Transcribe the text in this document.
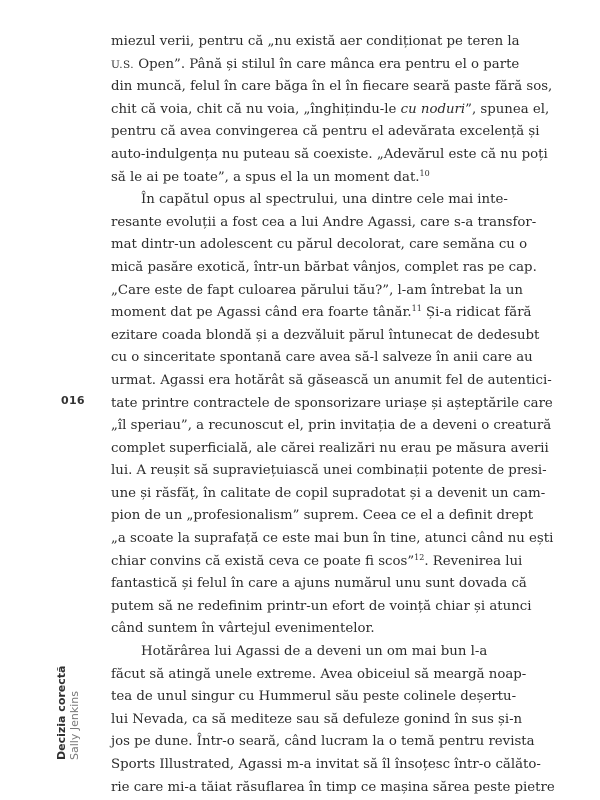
miezul verii, pentru că „nu există aer condiționat pe teren la
U.S. Open”. Până și stilul în care mânca era pentru el o parte
din muncă, felul în care băga în el în fiecare seară paste fără sos,
chit că voia, chit că nu voia, „înghițindu-le cu noduri”, spunea el,
pentru că avea convingerea că pentru el adevărata excelență și
auto-indulgența nu puteau să coexiste. „Adevărul este că nu poți
să le ai pe toate”, a spus el la un moment dat.$^{10}$
În capătul opus al spectrului, una dintre cele mai inte-
resante evoluții a fost cea a lui Andre Agassi, care s-a transfor-
mat dintr-un adolescent cu părul decolorat, care semăna cu o
mică pasăre exotică, într-un bărbat vânjos, complet ras pe cap.
„Care este de fapt culoarea părului tău?”, l-am întrebat la un
moment dat pe Agassi când era foarte tânăr.$^{11}$ Și-a ridicat fără
ezitare coada blondă și a dezvăluit părul întunecat de dedesubt
cu o sinceritate spontană care avea să-l salveze în anii care au
urmat. Agassi era hotărât să găsească un anumit fel de autentici-
tate printre contractele de sponsorizare uriașe și așteptările care
„îl speriau”, a recunoscut el, prin invitația de a deveni o creatură
complet superficială, ale cărei realizări nu erau pe măsura averii
lui. A reușit să supraviețuiască unei combinații potente de presi-
une și răsfăț, în calitate de copil supradotat și a devenit un cam-
pion de un „profesionalism” suprem. Ceea ce el a definit drept
„a scoate la suprafață ce este mai bun în tine, atunci când nu ești
chiar convins că există ceva ce poate fi scos”$^{12}$. Revenirea lui
fantastică și felul în care a ajuns numărul unu sunt dovada că
putem să ne redefinim printr-un efort de voință chiar și atunci
când suntem în vârtejul evenimentelor.
Hotărârea lui Agassi de a deveni un om mai bun l-a
făcut să atingă unele extreme. Avea obiceiul să meargă noap-
tea de unul singur cu Hummerul său peste colinele deșertu-
lui Nevada, ca să mediteze sau să defuleze gonind în sus și-n
jos pe dune. Într-o seară, când lucram la o temă pentru revista
Sports Illustrated, Agassi m-a invitat să îl însoțesc într-o călăto-
rie care mi-a tăiat răsuflarea în timp ce mașina sărea peste pietre
016
Decizia corectă Sally Jenkins
